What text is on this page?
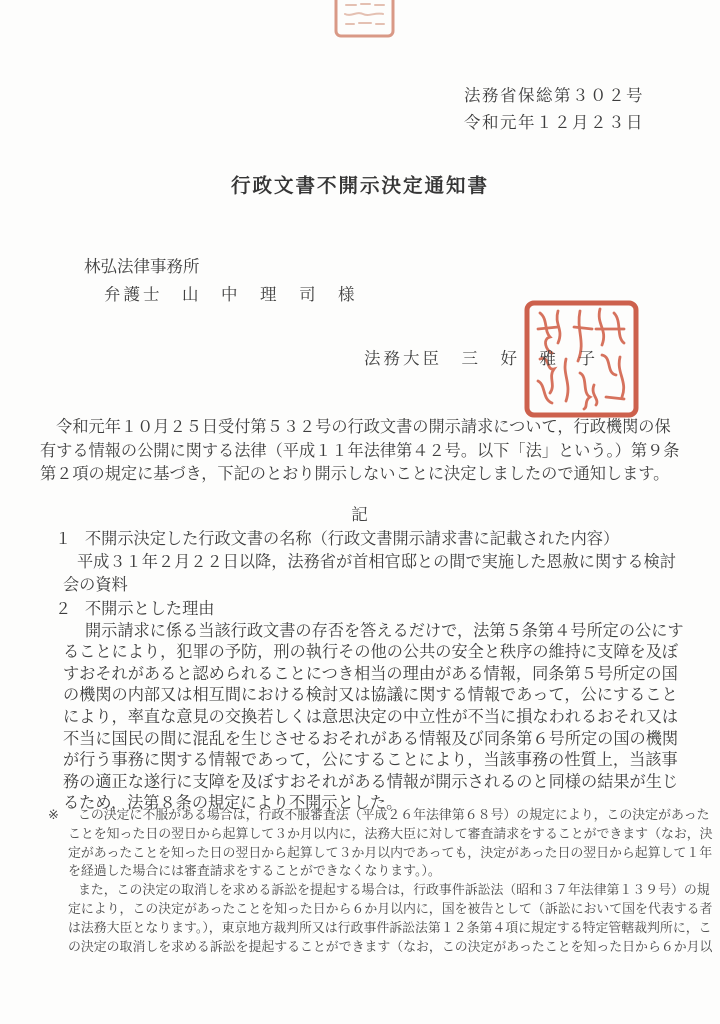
法務省保総第３０２号
令和元年１２月２３日
行政文書不開示決定通知書
林弘法律事務所
弁護士　山　中　理　司　様
法務大臣　三　好　雅　子
　令和元年１０月２５日受付第５３２号の行政文書の開示請求について，行政機関の保
有する情報の公開に関する法律（平成１１年法律第４２号。以下「法」という。）第９条
第２項の規定に基づき，下記のとおり開示しないことに決定しましたので通知します。
記
１ 不開示決定した行政文書の名称（行政文書開示請求書に記載された内容）
平成３１年２月２２日以降，法務省が首相官邸との間で実施した恩赦に関する検討
会の資料
２ 不開示とした理由
開示請求に係る当該行政文書の存否を答えるだけで，法第５条第４号所定の公にす
ることにより，犯罪の予防，刑の執行その他の公共の安全と秩序の維持に支障を及ぼ
すおそれがあると認められることにつき相当の理由がある情報，同条第５号所定の国
の機関の内部又は相互間における検討又は協議に関する情報であって，公にすること
により，率直な意見の交換若しくは意思決定の中立性が不当に損なわれるおそれ又は
不当に国民の間に混乱を生じさせるおそれがある情報及び同条第６号所定の国の機関
が行う事務に関する情報であって，公にすることにより，当該事務の性質上，当該事
務の適正な遂行に支障を及ぼすおそれがある情報が開示されるのと同様の結果が生じ
るため，法第８条の規定により不開示とした。
※ この決定に不服がある場合は，行政不服審査法（平成２６年法律第６８号）の規定により，この決定があった
ことを知った日の翌日から起算して３か月以内に，法務大臣に対して審査請求をすることができます（なお，決
定があったことを知った日の翌日から起算して３か月以内であっても，決定があった日の翌日から起算して１年
を経過した場合には審査請求をすることができなくなります。）。
また，この決定の取消しを求める訴訟を提起する場合は，行政事件訴訟法（昭和３７年法律第１３９号）の規
定により，この決定があったことを知った日から６か月以内に，国を被告として（訴訟において国を代表する者
は法務大臣となります。），東京地方裁判所又は行政事件訴訟法第１２条第４項に規定する特定管轄裁判所に，こ
の決定の取消しを求める訴訟を提起することができます（なお，この決定があったことを知った日から６か月以
